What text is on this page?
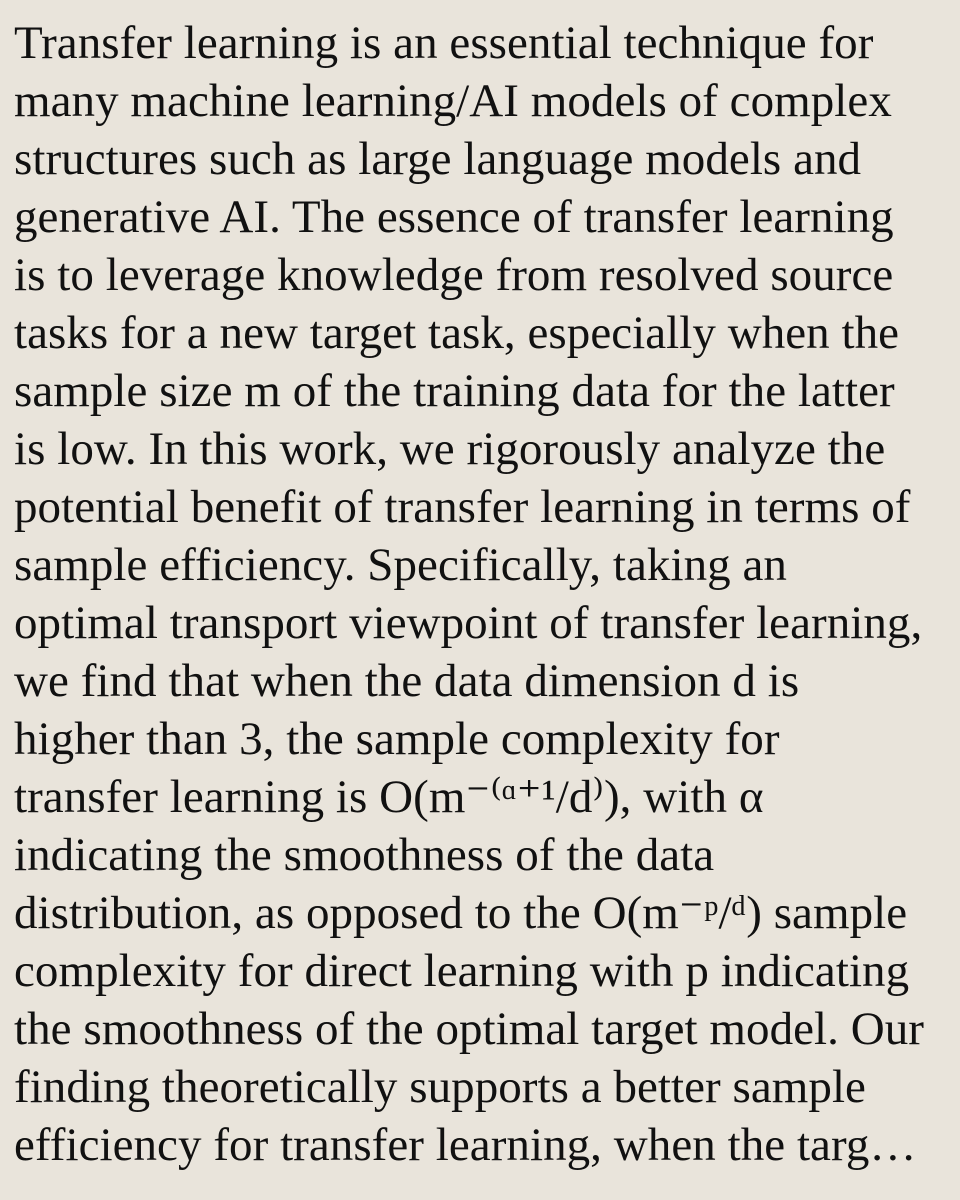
Transfer learning is an essential technique for
many machine learning/AI models of complex
structures such as large language models and
generative AI. The essence of transfer learning
is to leverage knowledge from resolved source
tasks for a new target task, especially when the
sample size m of the training data for the latter
is low. In this work, we rigorously analyze the
potential benefit of transfer learning in terms of
sample efficiency. Specifically, taking an
optimal transport viewpoint of transfer learning,
we find that when the data dimension d is
higher than 3, the sample complexity for
transfer learning is O(m⁻⁽ᵅ⁺¹/d⁾), with α
indicating the smoothness of the data
distribution, as opposed to the O(m⁻ᵖ/ᵈ) sample
complexity for direct learning with p indicating
the smoothness of the optimal target model. Our
finding theoretically supports a better sample
efficiency for transfer learning, when the targ…
